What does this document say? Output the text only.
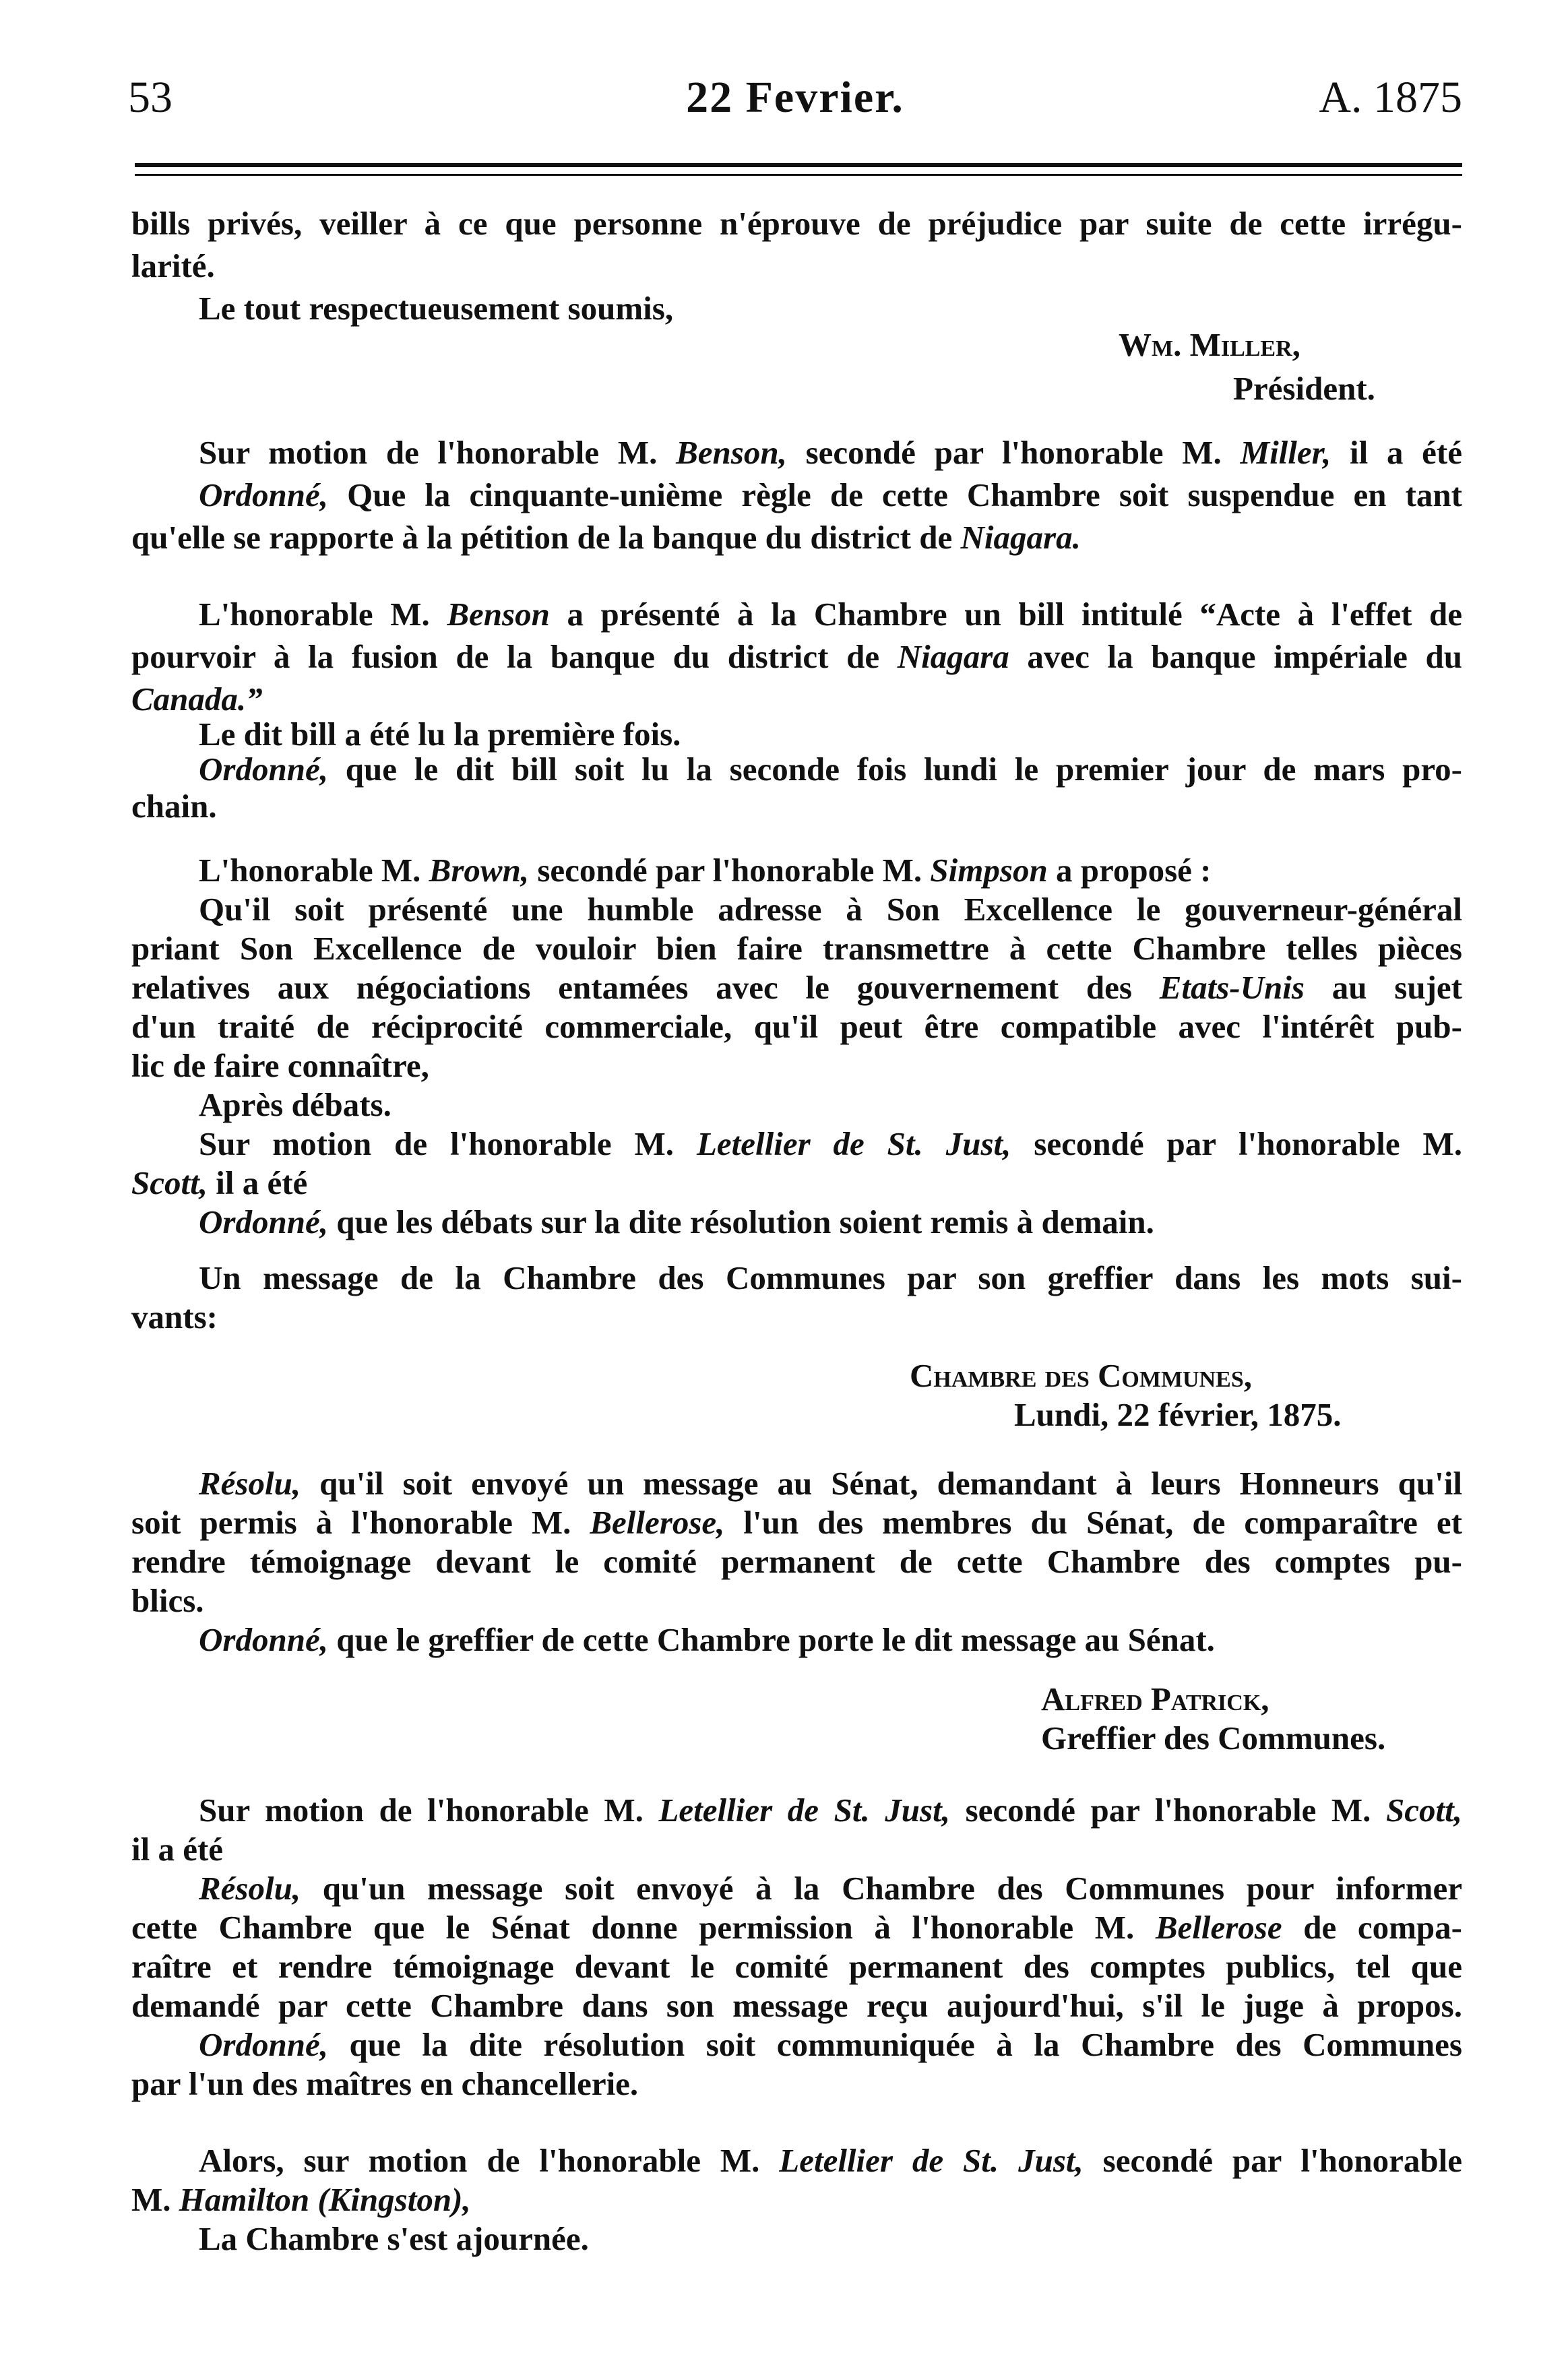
53	22 Fevrier.	A. 1875
bills privés, veiller à ce que personne n'éprouve de préjudice par suite de cette irrégu-
larité.
Le tout respectueusement soumis,
Wm. Miller,
Président.
Sur motion de l'honorable M. Benson, secondé par l'honorable M. Miller, il a été
Ordonné, Que la cinquante-unième règle de cette Chambre soit suspendue en tant
qu'elle se rapporte à la pétition de la banque du district de Niagara.
L'honorable M. Benson a présenté à la Chambre un bill intitulé “Acte à l'effet de
pourvoir à la fusion de la banque du district de Niagara avec la banque impériale du
Canada.”
Le dit bill a été lu la première fois.
Ordonné, que le dit bill soit lu la seconde fois lundi le premier jour de mars pro-
chain.
L'honorable M. Brown, secondé par l'honorable M. Simpson a proposé :
Qu'il soit présenté une humble adresse à Son Excellence le gouverneur-général
priant Son Excellence de vouloir bien faire transmettre à cette Chambre telles pièces
relatives aux négociations entamées avec le gouvernement des Etats-Unis au sujet
d'un traité de réciprocité commerciale, qu'il peut être compatible avec l'intérêt pub-
lic de faire connaître,
Après débats.
Sur motion de l'honorable M. Letellier de St. Just, secondé par l'honorable M.
Scott, il a été
Ordonné, que les débats sur la dite résolution soient remis à demain.
Un message de la Chambre des Communes par son greffier dans les mots sui-
vants:
Chambre des Communes,
Lundi, 22 février, 1875.
Résolu, qu'il soit envoyé un message au Sénat, demandant à leurs Honneurs qu'il
soit permis à l'honorable M. Bellerose, l'un des membres du Sénat, de comparaître et
rendre témoignage devant le comité permanent de cette Chambre des comptes pu-
blics.
Ordonné, que le greffier de cette Chambre porte le dit message au Sénat.
Alfred Patrick,
Greffier des Communes.
Sur motion de l'honorable M. Letellier de St. Just, secondé par l'honorable M. Scott,
il a été
Résolu, qu'un message soit envoyé à la Chambre des Communes pour informer
cette Chambre que le Sénat donne permission à l'honorable M. Bellerose de compa-
raître et rendre témoignage devant le comité permanent des comptes publics, tel que
demandé par cette Chambre dans son message reçu aujourd'hui, s'il le juge à propos.
Ordonné, que la dite résolution soit communiquée à la Chambre des Communes
par l'un des maîtres en chancellerie.
Alors, sur motion de l'honorable M. Letellier de St. Just, secondé par l'honorable
M. Hamilton (Kingston),
La Chambre s'est ajournée.
